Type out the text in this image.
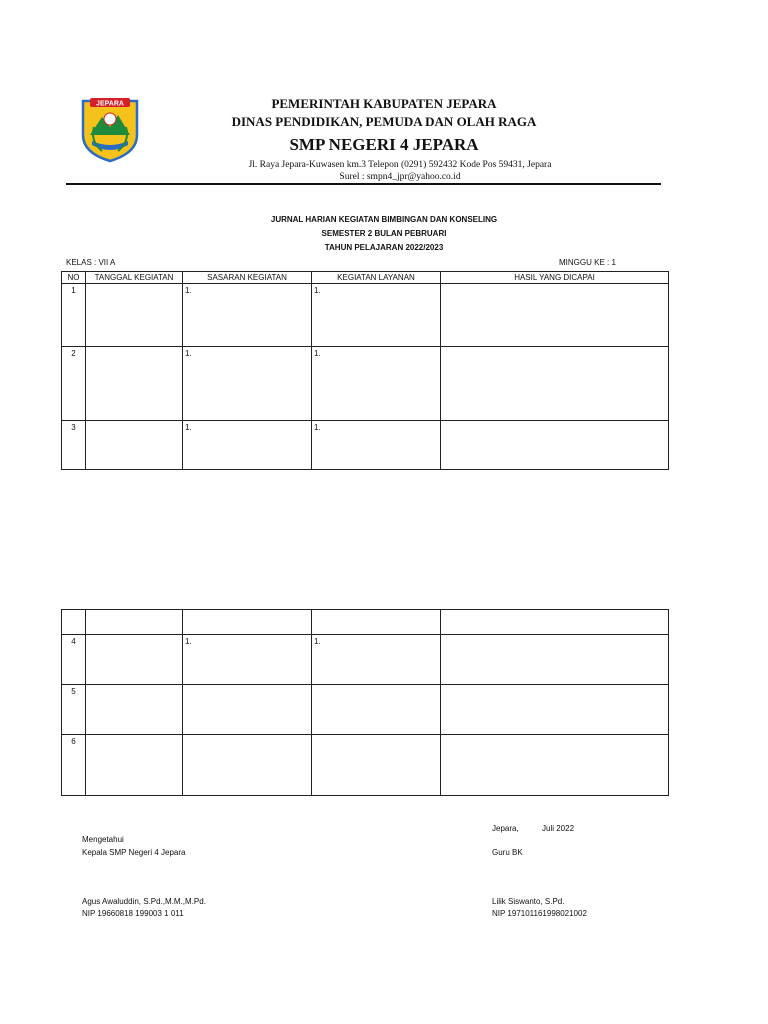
JEPARA	PEMERINTAH KABUPATEN JEPARA
DINAS PENDIDIKAN, PEMUDA DAN OLAH RAGA
SMP NEGERI 4 JEPARA
Jl. Raya Jepara-Kuwasen km.3 Telepon (0291) 592432 Kode Pos 59431, Jepara
Surel : smpn4_jpr@yahoo.co.id
JURNAL HARIAN KEGIATAN BIMBINGAN DAN KONSELING
SEMESTER 2 BULAN PEBRUARI
TAHUN PELAJARAN 2022/2023
KELAS : VII A	MINGGU KE : 1
NO	TANGGAL KEGIATAN	SASARAN KEGIATAN	KEGIATAN LAYANAN	HASIL YANG DICAPAI
1		1.	1.	
2		1.	1.	
3		1.	1.	

4		1.	1.	
5				
6				
Jepara,	Juli 2022
Mengetahui
Kepala SMP Negeri 4 Jepara	Guru BK
Agus Awaluddin, S.Pd.,M.M.,M.Pd.
NIP 19660818 199003 1 011
Lilik Siswanto, S.Pd.
NIP 197101161998021002
